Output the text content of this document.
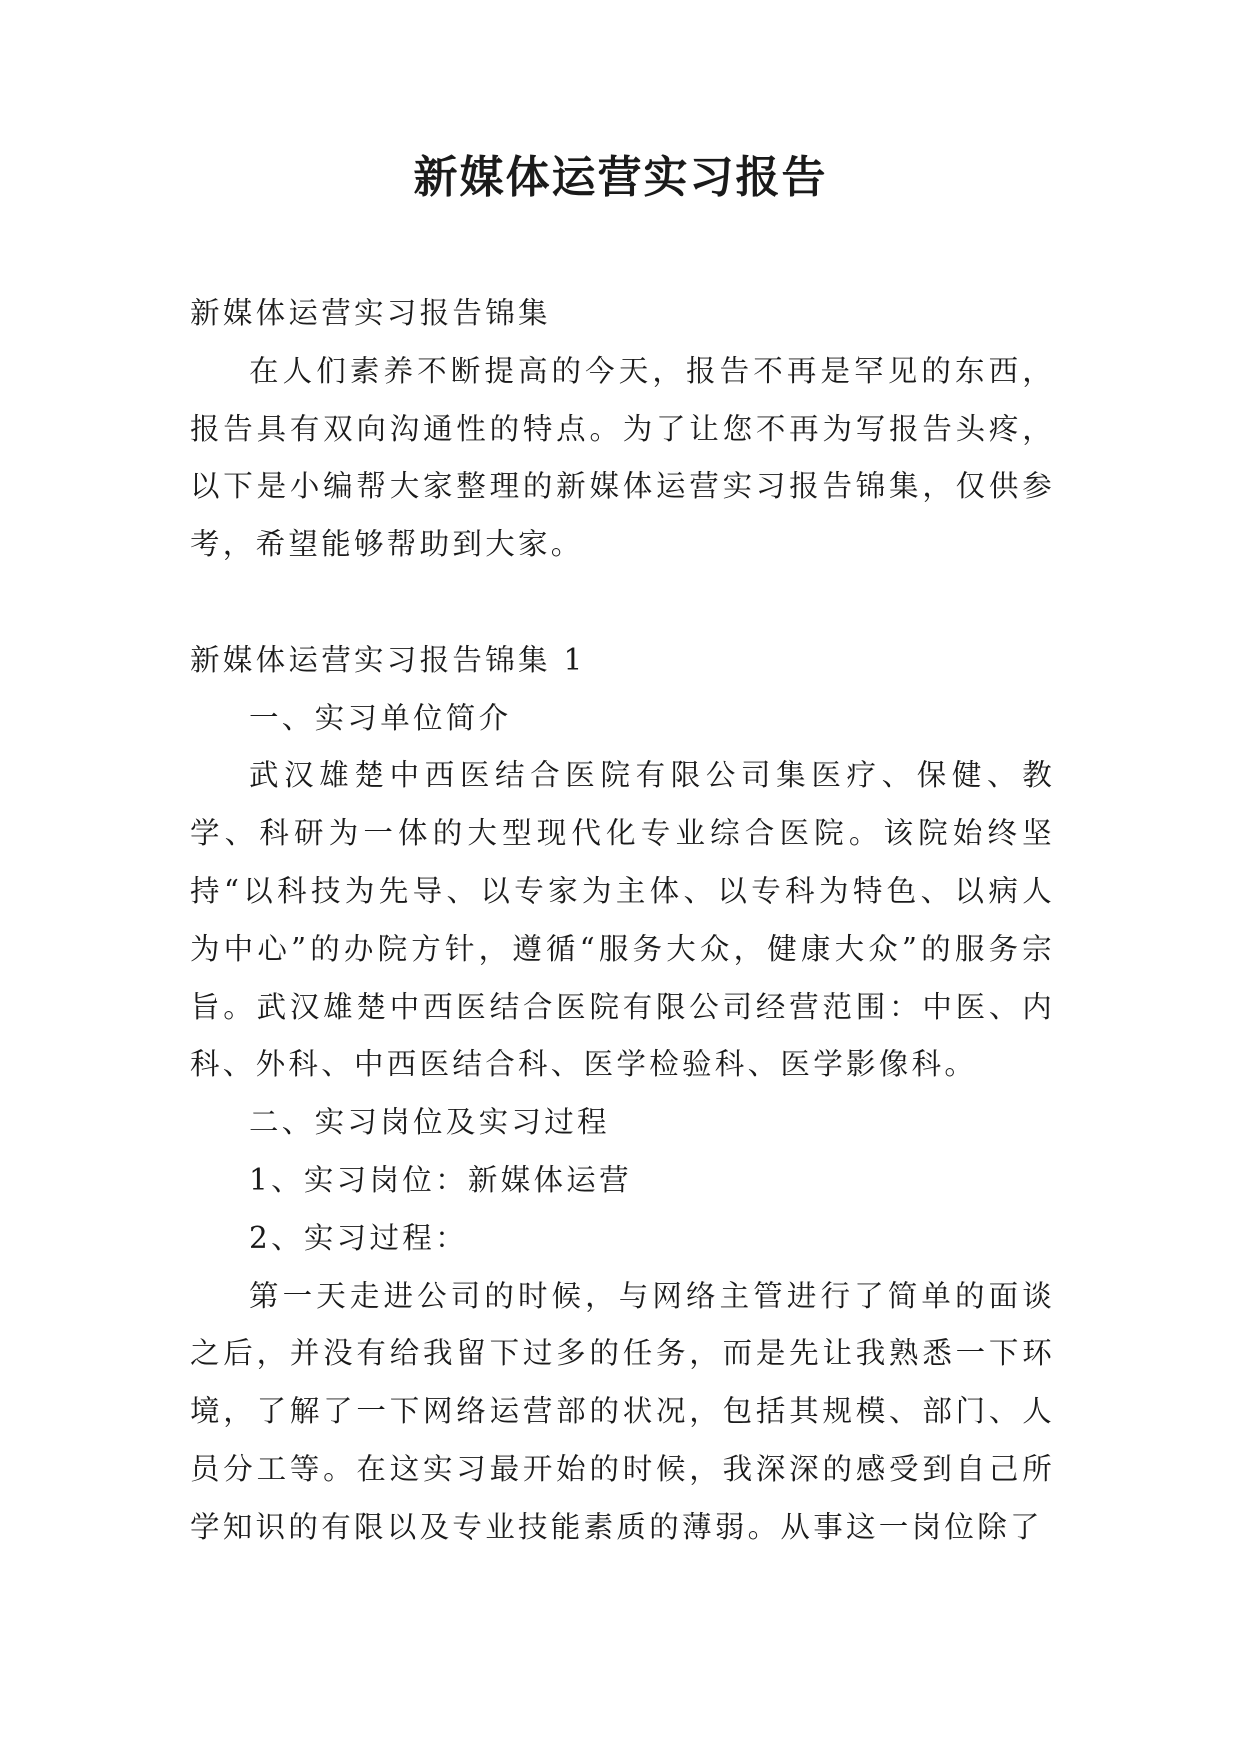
新媒体运营实习报告

新媒体运营实习报告锦集

在人们素养不断提高的今天，报告不再是罕见的东西，报告具有双向沟通性的特点。为了让您不再为写报告头疼，以下是小编帮大家整理的新媒体运营实习报告锦集，仅供参考，希望能够帮助到大家。

新媒体运营实习报告锦集 1

一、实习单位简介

武汉雄楚中西医结合医院有限公司集医疗、保健、教学、科研为一体的大型现代化专业综合医院。该院始终坚持“以科技为先导、以专家为主体、以专科为特色、以病人为中心”的办院方针，遵循“服务大众，健康大众”的服务宗旨。武汉雄楚中西医结合医院有限公司经营范围：中医、内科、外科、中西医结合科、医学检验科、医学影像科。

二、实习岗位及实习过程

1、实习岗位：新媒体运营

2、实习过程：

第一天走进公司的时候，与网络主管进行了简单的面谈之后，并没有给我留下过多的任务，而是先让我熟悉一下环境，了解了一下网络运营部的状况，包括其规模、部门、人员分工等。在这实习最开始的时候，我深深的感受到自己所学知识的有限以及专业技能素质的薄弱。从事这一岗位除了
